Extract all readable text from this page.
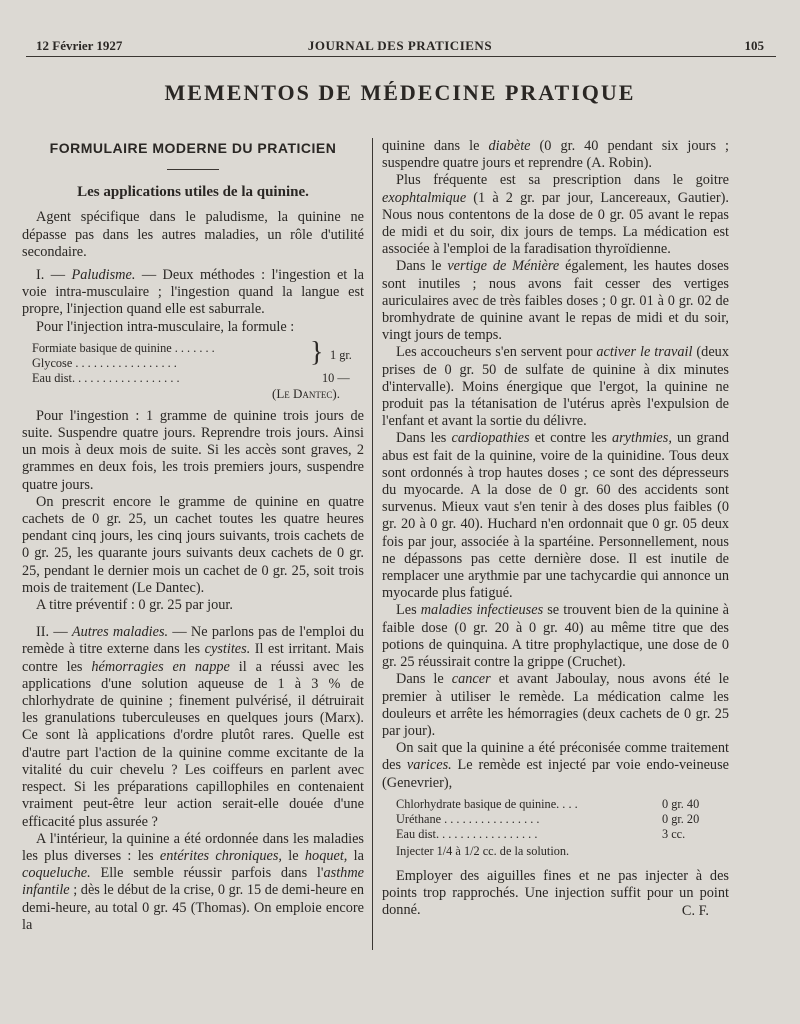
12 Février 1927	JOURNAL DES PRATICIENS	105
MEMENTOS DE MÉDECINE PRATIQUE
FORMULAIRE MODERNE DU PRATICIEN
Les applications utiles de la quinine.

Agent spécifique dans le paludisme, la quinine ne dépasse pas dans les autres maladies, un rôle d'utilité secondaire.

I. — Paludisme. — Deux méthodes : l'ingestion et la voie intra-musculaire ; l'ingestion quand la langue est propre, l'injection quand elle est saburrale.

Pour l'injection intra-musculaire, la formule :

Formiate basique de quinine . . . . . . .
Glycose . . . . . . . . . . . . . . . . .
1 gr.
}
Eau dist. . . . . . . . . . . . . . . . . .	10 —
(Le Dantec).

Pour l'ingestion : 1 gramme de quinine trois jours de suite. Suspendre quatre jours. Reprendre trois jours. Ainsi un mois à deux mois de suite. Si les accès sont graves, 2 grammes en deux fois, les trois premiers jours, suspendre quatre jours.

On prescrit encore le gramme de quinine en quatre cachets de 0 gr. 25, un cachet toutes les quatre heures pendant cinq jours, les cinq jours suivants, trois cachets de 0 gr. 25, les quarante jours suivants deux cachets de 0 gr. 25, pendant le dernier mois un cachet de 0 gr. 25, soit trois mois de traitement (Le Dantec).

A titre préventif : 0 gr. 25 par jour.

II. — Autres maladies. — Ne parlons pas de l'emploi du remède à titre externe dans les cystites. Il est irritant. Mais contre les hémorragies en nappe il a réussi avec les applications d'une solution aqueuse de 1 à 3 % de chlorhydrate de quinine ; finement pulvérisé, il détruirait les granulations tuberculeuses en quelques jours (Marx). Ce sont là applications d'ordre plutôt rares. Quelle est d'autre part l'action de la quinine comme excitante de la vitalité du cuir chevelu ? Les coiffeurs en parlent avec respect. Si les préparations capillophiles en contenaient vraiment peut-être leur action serait-elle douée d'une efficacité plus assurée ?

A l'intérieur, la quinine a été ordonnée dans les maladies les plus diverses : les entérites chroniques, le hoquet, la coqueluche. Elle semble réussir parfois dans l'asthme infantile ; dès le début de la crise, 0 gr. 15 de demi-heure en demi-heure, au total 0 gr. 45 (Thomas). On emploie encore la

quinine dans le diabète (0 gr. 40 pendant six jours ; suspendre quatre jours et reprendre (A. Robin).

Plus fréquente est sa prescription dans le goitre exophtalmique (1 à 2 gr. par jour, Lancereaux, Gautier). Nous nous contentons de la dose de 0 gr. 05 avant le repas de midi et du soir, dix jours de temps. La médication est associée à l'emploi de la faradisation thyroïdienne.

Dans le vertige de Ménière également, les hautes doses sont inutiles ; nous avons fait cesser des vertiges auriculaires avec de très faibles doses ; 0 gr. 01 à 0 gr. 02 de bromhydrate de quinine avant le repas de midi et du soir, vingt jours de temps.

Les accoucheurs s'en servent pour activer le travail (deux prises de 0 gr. 50 de sulfate de quinine à dix minutes d'intervalle). Moins énergique que l'ergot, la quinine ne produit pas la tétanisation de l'utérus après l'expulsion de l'enfant et avant la sortie du délivre.

Dans les cardiopathies et contre les arythmies, un grand abus est fait de la quinine, voire de la quinidine. Tous deux sont ordonnés à trop hautes doses ; ce sont des dépresseurs du myocarde. A la dose de 0 gr. 60 des accidents sont survenus. Mieux vaut s'en tenir à des doses plus faibles (0 gr. 20 à 0 gr. 40). Huchard n'en ordonnait que 0 gr. 05 deux fois par jour, associée à la spartéine. Personnellement, nous ne dépassons pas cette dernière dose. Il est inutile de remplacer une arythmie par une tachycardie qui annonce un myocarde plus fatigué.

Les maladies infectieuses se trouvent bien de la quinine à faible dose (0 gr. 20 à 0 gr. 40) au même titre que des potions de quinquina. A titre prophylactique, une dose de 0 gr. 25 réussirait contre la grippe (Cruchet).

Dans le cancer et avant Jaboulay, nous avons été le premier à utiliser le remède. La médication calme les douleurs et arrête les hémorragies (deux cachets de 0 gr. 25 par jour).

On sait que la quinine a été préconisée comme traitement des varices. Le remède est injecté par voie endo-veineuse (Genevrier),

Chlorhydrate basique de quinine. . . .	0 gr. 40
Uréthane . . . . . . . . . . . . . . . .	0 gr. 20
Eau dist. . . . . . . . . . . . . . . . .	3 cc.
Injecter 1/4 à 1/2 cc. de la solution.

Employer des aiguilles fines et ne pas injecter à des points trop rapprochés. Une injection suffit pour un point donné.	C. F.
